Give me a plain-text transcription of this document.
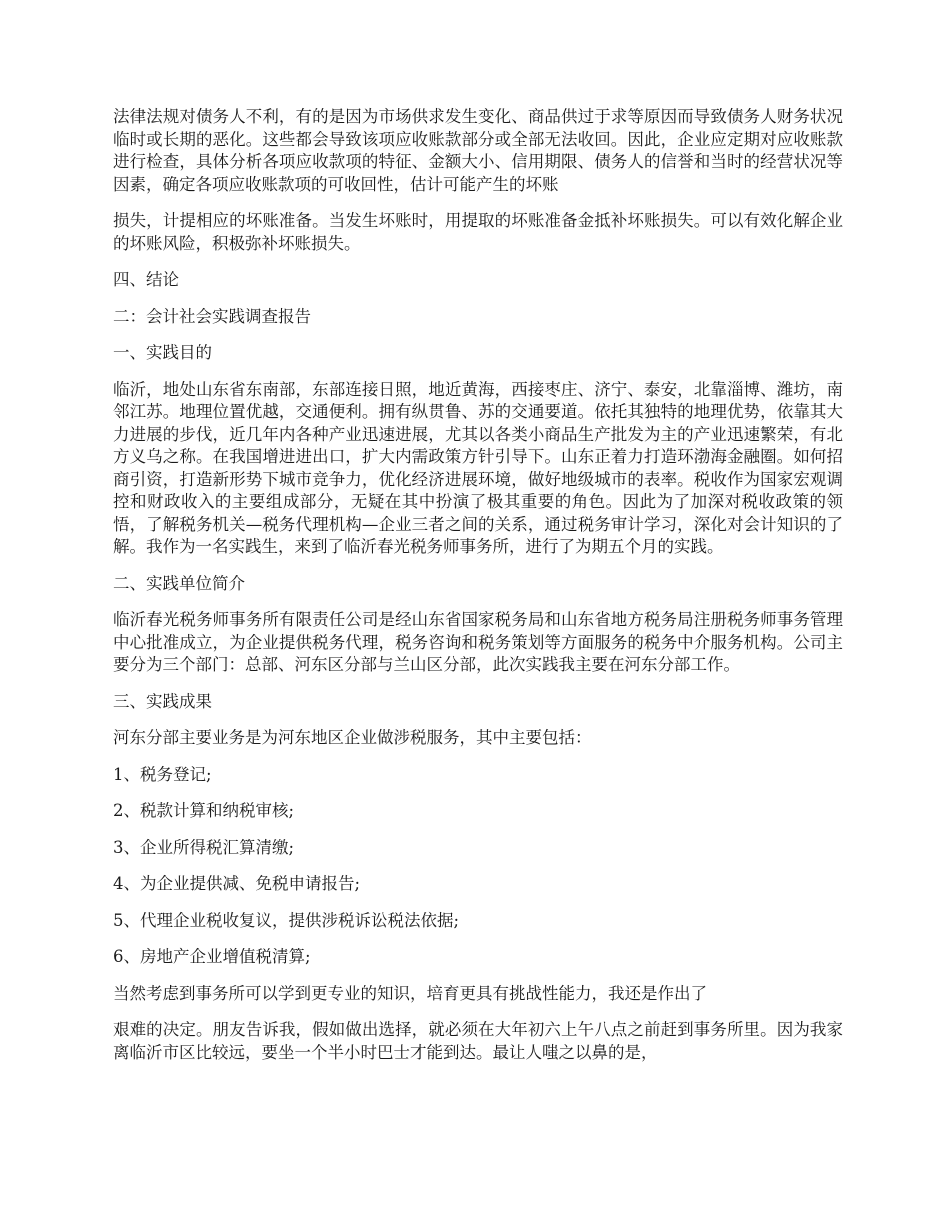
法律法规对债务人不利，有的是因为市场供求发生变化、商品供过于求等原因而导致债务人财务状况临时或长期的恶化。这些都会导致该项应收账款部分或全部无法收回。因此，企业应定期对应收账款进行检查，具体分析各项应收款项的特征、金额大小、信用期限、债务人的信誉和当时的经营状况等因素，确定各项应收账款项的可收回性，估计可能产生的坏账

损失，计提相应的坏账准备。当发生坏账时，用提取的坏账准备金抵补坏账损失。可以有效化解企业的坏账风险，积极弥补坏账损失。

四、结论

二：会计社会实践调查报告

一、实践目的

临沂，地处山东省东南部，东部连接日照，地近黄海，西接枣庄、济宁、泰安，北靠淄博、潍坊，南邻江苏。地理位置优越，交通便利。拥有纵贯鲁、苏的交通要道。依托其独特的地理优势，依靠其大力进展的步伐，近几年内各种产业迅速进展，尤其以各类小商品生产批发为主的产业迅速繁荣，有北方义乌之称。在我国增进进出口，扩大内需政策方针引导下。山东正着力打造环渤海金融圈。如何招商引资，打造新形势下城市竞争力，优化经济进展环境，做好地级城市的表率。税收作为国家宏观调控和财政收入的主要组成部分，无疑在其中扮演了极其重要的角色。因此为了加深对税收政策的领悟，了解税务机关—税务代理机构—企业三者之间的关系，通过税务审计学习，深化对会计知识的了解。我作为一名实践生，来到了临沂春光税务师事务所，进行了为期五个月的实践。

二、实践单位简介

临沂春光税务师事务所有限责任公司是经山东省国家税务局和山东省地方税务局注册税务师事务管理中心批准成立，为企业提供税务代理，税务咨询和税务策划等方面服务的税务中介服务机构。公司主要分为三个部门：总部、河东区分部与兰山区分部，此次实践我主要在河东分部工作。

三、实践成果

河东分部主要业务是为河东地区企业做涉税服务，其中主要包括：

1、税务登记;

2、税款计算和纳税审核;

3、企业所得税汇算清缴;

4、为企业提供减、免税申请报告;

5、代理企业税收复议，提供涉税诉讼税法依据;

6、房地产企业增值税清算;

当然考虑到事务所可以学到更专业的知识，培育更具有挑战性能力，我还是作出了

艰难的决定。朋友告诉我，假如做出选择，就必须在大年初六上午八点之前赶到事务所里。因为我家离临沂市区比较远，要坐一个半小时巴士才能到达。最让人嗤之以鼻的是，
